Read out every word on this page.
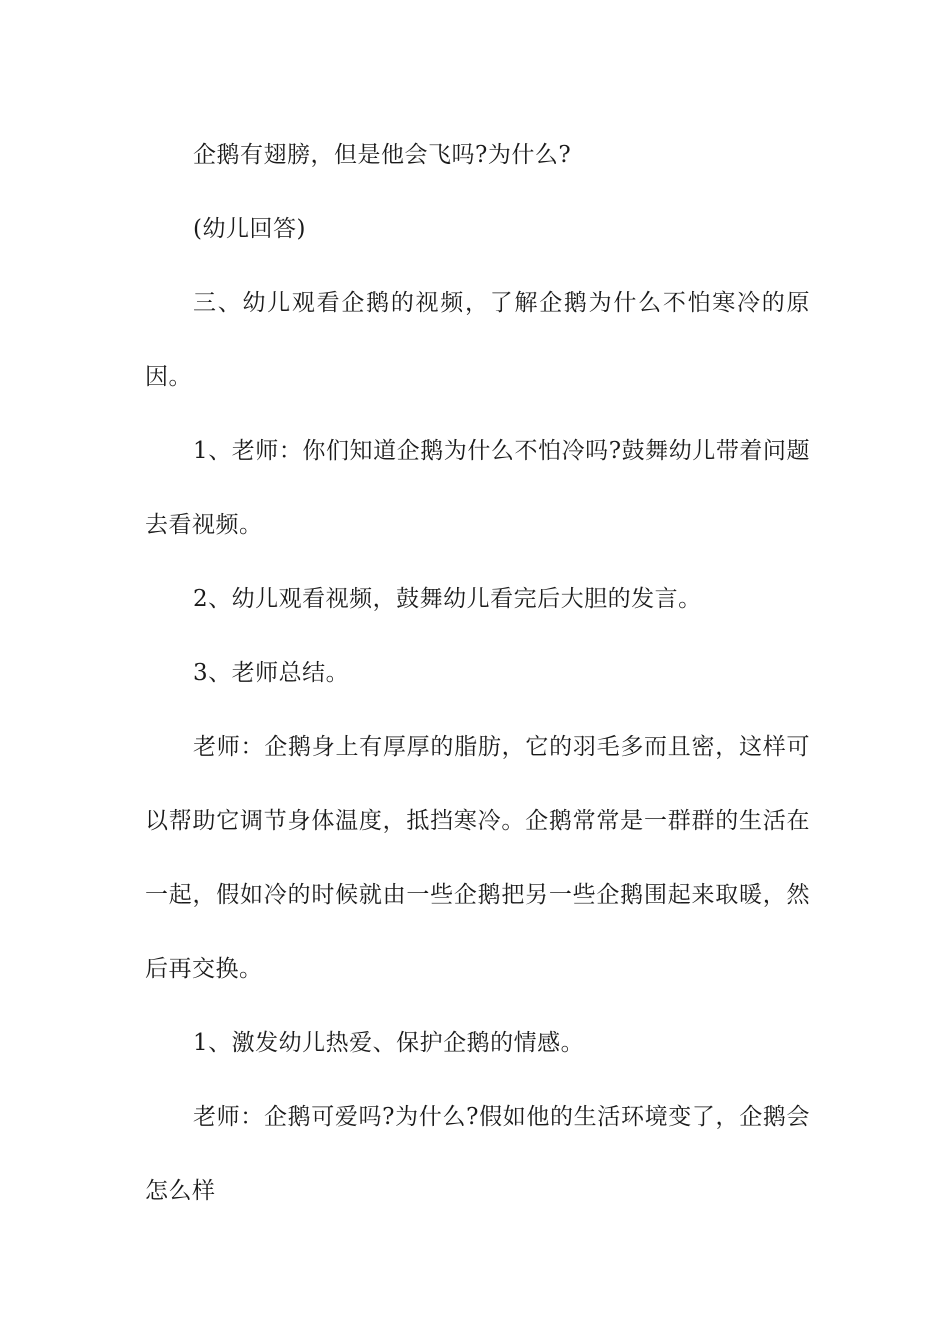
企鹅有翅膀，但是他会飞吗?为什么?

(幼儿回答)

三、幼儿观看企鹅的视频，了解企鹅为什么不怕寒冷的原因。

1、老师：你们知道企鹅为什么不怕冷吗?鼓舞幼儿带着问题去看视频。

2、幼儿观看视频，鼓舞幼儿看完后大胆的发言。

3、老师总结。

老师：企鹅身上有厚厚的脂肪，它的羽毛多而且密，这样可以帮助它调节身体温度，抵挡寒冷。企鹅常常是一群群的生活在一起，假如冷的时候就由一些企鹅把另一些企鹅围起来取暖，然后再交换。

1、激发幼儿热爱、保护企鹅的情感。

老师：企鹅可爱吗?为什么?假如他的生活环境变了，企鹅会怎么样
